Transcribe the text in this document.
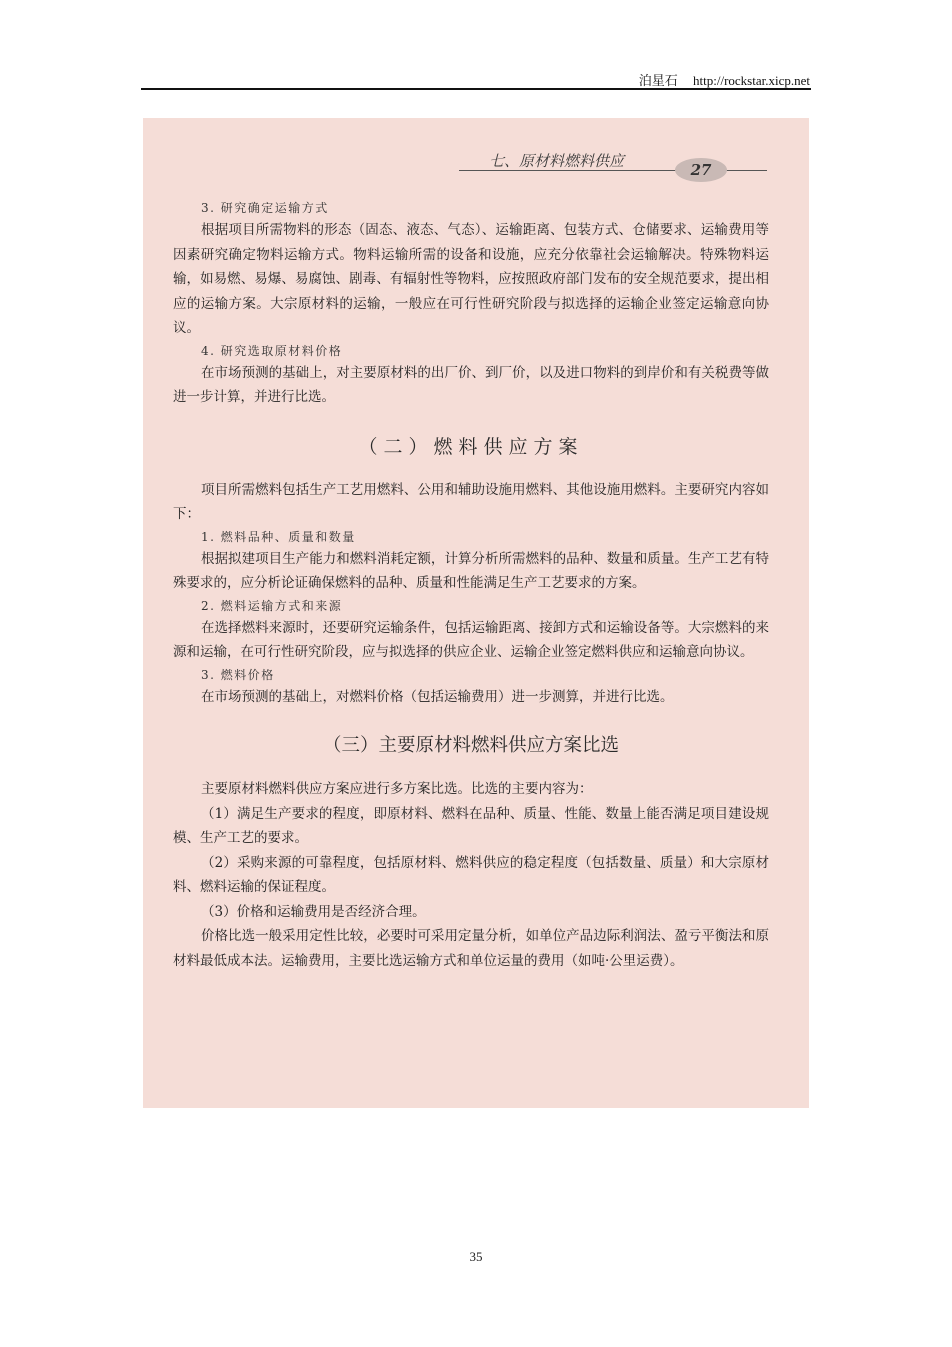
泊星石 http://rockstar.xicp.net
七、原材料燃料供应	27
3. 研究确定运输方式

根据项目所需物料的形态（固态、液态、气态）、运输距离、包装方式、仓储要求、运输费用等因素研究确定物料运输方式。物料运输所需的设备和设施，应充分依靠社会运输解决。特殊物料运输，如易燃、易爆、易腐蚀、剧毒、有辐射性等物料，应按照政府部门发布的安全规范要求，提出相应的运输方案。大宗原材料的运输，一般应在可行性研究阶段与拟选择的运输企业签定运输意向协议。

4. 研究选取原材料价格

在市场预测的基础上，对主要原材料的出厂价、到厂价，以及进口物料的到岸价和有关税费等做进一步计算，并进行比选。

（二）燃料供应方案

项目所需燃料包括生产工艺用燃料、公用和辅助设施用燃料、其他设施用燃料。主要研究内容如下：

1. 燃料品种、质量和数量

根据拟建项目生产能力和燃料消耗定额，计算分析所需燃料的品种、数量和质量。生产工艺有特殊要求的，应分析论证确保燃料的品种、质量和性能满足生产工艺要求的方案。

2. 燃料运输方式和来源

在选择燃料来源时，还要研究运输条件，包括运输距离、接卸方式和运输设备等。大宗燃料的来源和运输，在可行性研究阶段，应与拟选择的供应企业、运输企业签定燃料供应和运输意向协议。

3. 燃料价格

在市场预测的基础上，对燃料价格（包括运输费用）进一步测算，并进行比选。

（三）主要原材料燃料供应方案比选

主要原材料燃料供应方案应进行多方案比选。比选的主要内容为：

（1）满足生产要求的程度，即原材料、燃料在品种、质量、性能、数量上能否满足项目建设规模、生产工艺的要求。

（2）采购来源的可靠程度，包括原材料、燃料供应的稳定程度（包括数量、质量）和大宗原材料、燃料运输的保证程度。

（3）价格和运输费用是否经济合理。

价格比选一般采用定性比较，必要时可采用定量分析，如单位产品边际利润法、盈亏平衡法和原材料最低成本法。运输费用，主要比选运输方式和单位运量的费用（如吨·公里运费）。

35
